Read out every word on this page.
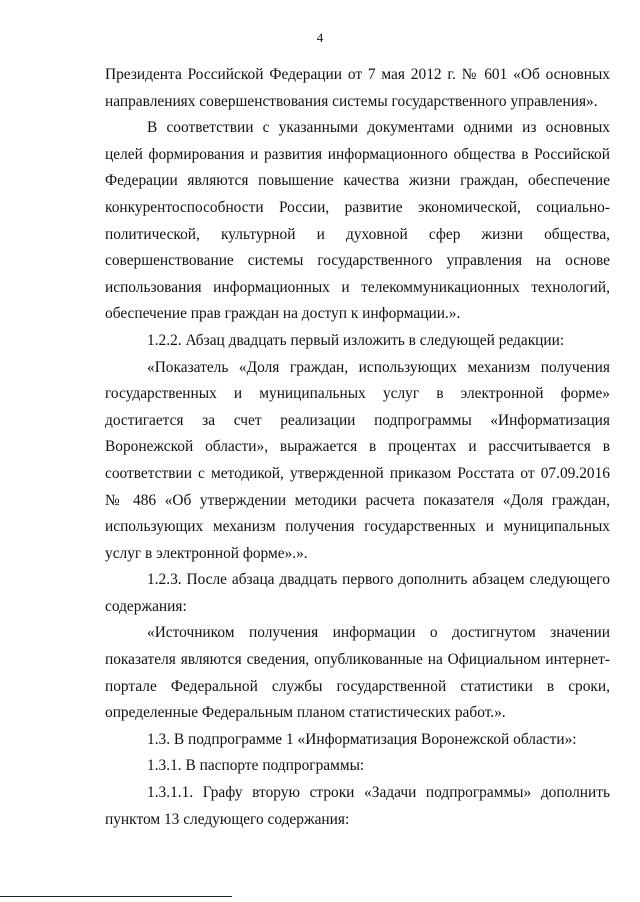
4

Президента Российской Федерации от 7 мая 2012 г. № 601 «Об основных направлениях совершенствования системы государственного управления».

В соответствии с указанными документами одними из основных целей формирования и развития информационного общества в Российской Федерации являются повышение качества жизни граждан, обеспечение конкурентоспособности России, развитие экономической, социально-политической, культурной и духовной сфер жизни общества, совершенствование системы государственного управления на основе использования информационных и телекоммуникационных технологий, обеспечение прав граждан на доступ к информации.».

1.2.2. Абзац двадцать первый изложить в следующей редакции:

«Показатель «Доля граждан, использующих механизм получения государственных и муниципальных услуг в электронной форме» достигается за счет реализации подпрограммы «Информатизация Воронежской области», выражается в процентах и рассчитывается в соответствии с методикой, утвержденной приказом Росстата от 07.09.2016 № 486 «Об утверждении методики расчета показателя «Доля граждан, использующих механизм получения государственных и муниципальных услуг в электронной форме».».

1.2.3. После абзаца двадцать первого дополнить абзацем следующего содержания:

«Источником получения информации о достигнутом значении показателя являются сведения, опубликованные на Официальном интернет-портале Федеральной службы государственной статистики в сроки, определенные Федеральным планом статистических работ.».

1.3. В подпрограмме 1 «Информатизация Воронежской области»:

1.3.1. В паспорте подпрограммы:

1.3.1.1. Графу вторую строки «Задачи подпрограммы» дополнить пунктом 13 следующего содержания:
